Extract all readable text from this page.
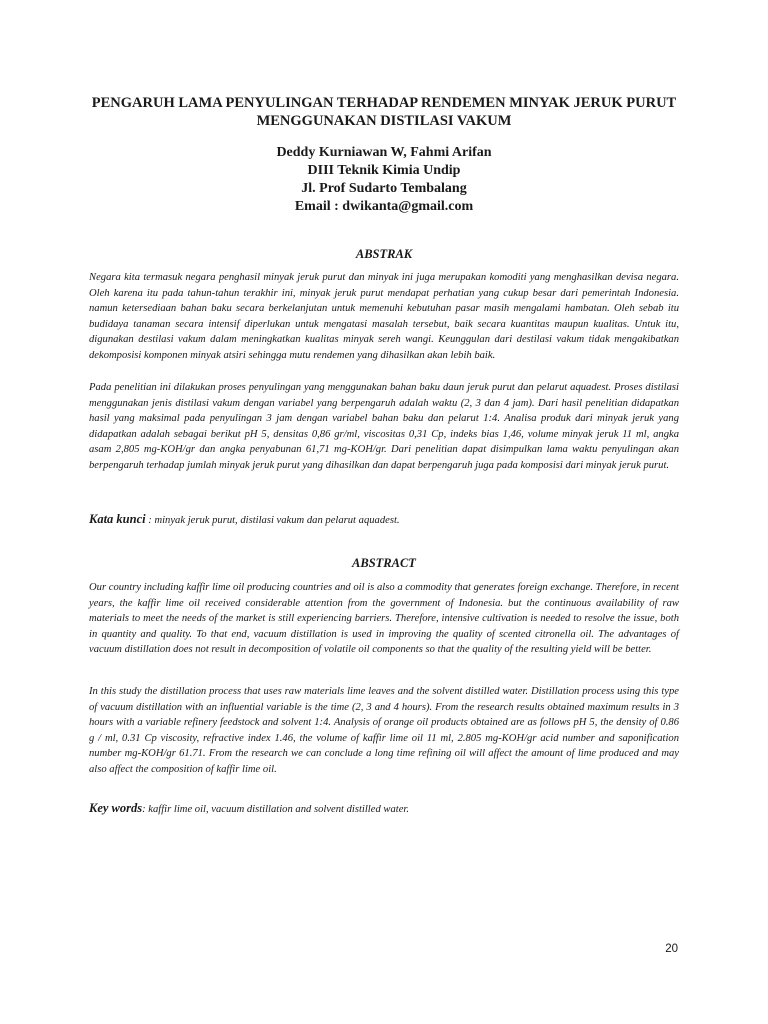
PENGARUH LAMA PENYULINGAN TERHADAP RENDEMEN MINYAK JERUK PURUT MENGGUNAKAN DISTILASI VAKUM
Deddy Kurniawan W, Fahmi Arifan
DIII Teknik Kimia Undip
Jl. Prof Sudarto Tembalang
Email : dwikanta@gmail.com
ABSTRAK

Negara kita termasuk negara penghasil minyak jeruk purut dan minyak ini juga merupakan komoditi yang menghasilkan devisa negara. Oleh karena itu pada tahun-tahun terakhir ini, minyak jeruk purut mendapat perhatian yang cukup besar dari pemerintah Indonesia. namun ketersediaan bahan baku secara berkelanjutan untuk memenuhi kebutuhan pasar masih mengalami hambatan. Oleh sebab itu budidaya tanaman secara intensif diperlukan untuk mengatasi masalah tersebut, baik secara kuantitas maupun kualitas. Untuk itu, digunakan destilasi vakum dalam meningkatkan kualitas minyak sereh wangi. Keunggulan dari destilasi vakum tidak mengakibatkan dekomposisi komponen minyak atsiri sehingga mutu rendemen yang dihasilkan akan lebih baik.

Pada penelitian ini dilakukan proses penyulingan yang menggunakan bahan baku daun jeruk purut dan pelarut aquadest. Proses distilasi menggunakan jenis distilasi vakum dengan variabel yang berpengaruh adalah waktu (2, 3 dan 4 jam). Dari hasil penelitian didapatkan hasil yang maksimal pada penyulingan 3 jam dengan variabel bahan baku dan pelarut 1:4. Analisa produk dari minyak jeruk yang didapatkan adalah sebagai berikut pH 5, densitas 0,86 gr/ml, viscositas 0,31 Cp, indeks bias 1,46, volume minyak jeruk 11 ml, angka asam 2,805 mg-KOH/gr dan angka penyabunan 61,71 mg-KOH/gr. Dari penelitian dapat disimpulkan lama waktu penyulingan akan berpengaruh terhadap jumlah minyak jeruk purut yang dihasilkan dan dapat berpengaruh juga pada komposisi dari minyak jeruk purut.

Kata kunci : minyak jeruk purut, distilasi vakum dan pelarut aquadest.

ABSTRACT

Our country including kaffir lime oil producing countries and oil is also a commodity that generates foreign exchange. Therefore, in recent years, the kaffir lime oil received considerable attention from the government of Indonesia. but the continuous availability of raw materials to meet the needs of the market is still experiencing barriers. Therefore, intensive cultivation is needed to resolve the issue, both in quantity and quality. To that end, vacuum distillation is used in improving the quality of scented citronella oil. The advantages of vacuum distillation does not result in decomposition of volatile oil components so that the quality of the resulting yield will be better.

In this study the distillation process that uses raw materials lime leaves and the solvent distilled water. Distillation process using this type of vacuum distillation with an influential variable is the time (2, 3 and 4 hours). From the research results obtained maximum results in 3 hours with a variable refinery feedstock and solvent 1:4. Analysis of orange oil products obtained are as follows pH 5, the density of 0.86 g / ml, 0.31 Cp viscosity, refractive index 1.46, the volume of kaffir lime oil 11 ml, 2.805 mg-KOH/gr acid number and saponification number mg-KOH/gr 61.71. From the research we can conclude a long time refining oil will affect the amount of lime produced and may also affect the composition of kaffir lime oil.

Key words: kaffir lime oil, vacuum distillation and solvent distilled water.

20
